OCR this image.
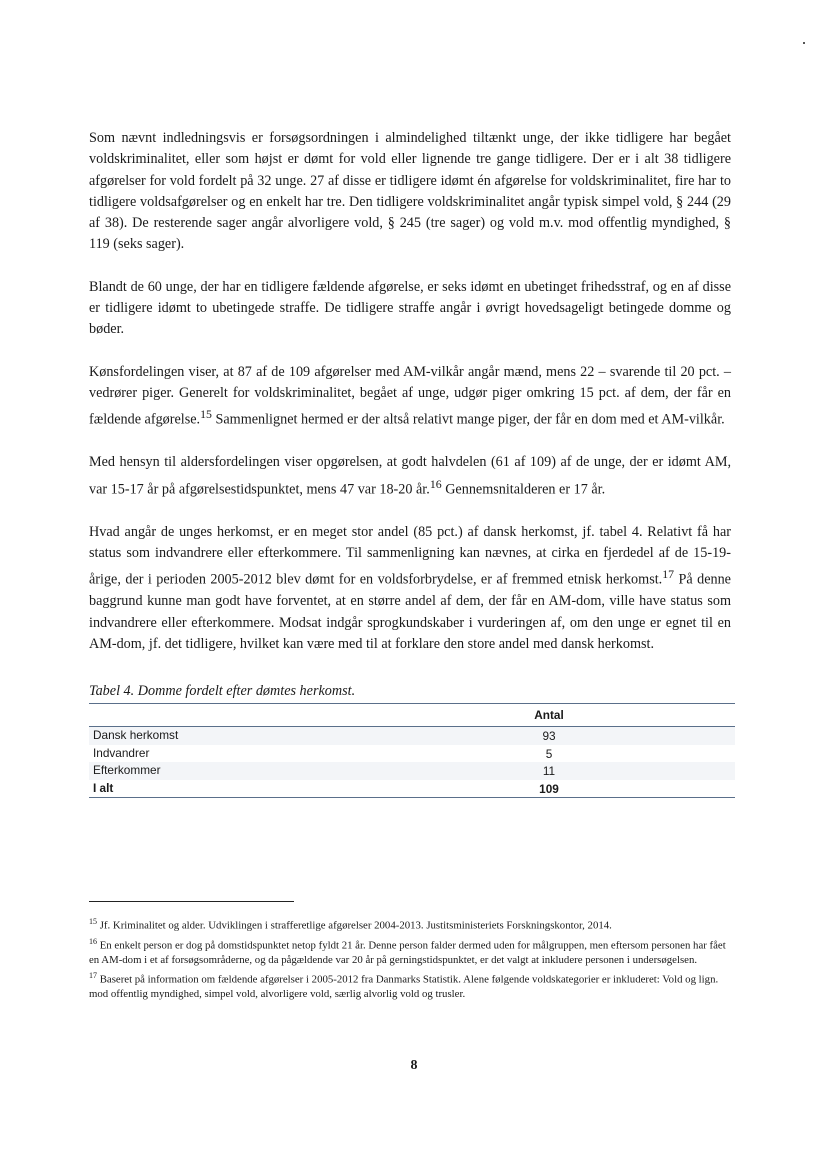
Som nævnt indledningsvis er forsøgsordningen i almindelighed tiltænkt unge, der ikke tidligere har begået voldskriminalitet, eller som højst er dømt for vold eller lignende tre gange tidligere. Der er i alt 38 tidligere afgørelser for vold fordelt på 32 unge. 27 af disse er tidligere idømt én afgørelse for voldskriminalitet, fire har to tidligere voldsafgørelser og en enkelt har tre. Den tidligere voldskriminalitet angår typisk simpel vold, § 244 (29 af 38). De resterende sager angår alvorligere vold, § 245 (tre sager) og vold m.v. mod offentlig myndighed, § 119 (seks sager).

Blandt de 60 unge, der har en tidligere fældende afgørelse, er seks idømt en ubetinget frihedsstraf, og en af disse er tidligere idømt to ubetingede straffe. De tidligere straffe angår i øvrigt hovedsageligt betingede domme og bøder.

Kønsfordelingen viser, at 87 af de 109 afgørelser med AM-vilkår angår mænd, mens 22 – svarende til 20 pct. – vedrører piger. Generelt for voldskriminalitet, begået af unge, udgør piger omkring 15 pct. af dem, der får en fældende afgørelse.$^{15}$ Sammenlignet hermed er der altså relativt mange piger, der får en dom med et AM-vilkår.

Med hensyn til aldersfordelingen viser opgørelsen, at godt halvdelen (61 af 109) af de unge, der er idømt AM, var 15-17 år på afgørelsestidspunktet, mens 47 var 18-20 år.$^{16}$ Gennemsnitalderen er 17 år.

Hvad angår de unges herkomst, er en meget stor andel (85 pct.) af dansk herkomst, jf. tabel 4. Relativt få har status som indvandrere eller efterkommere. Til sammenligning kan nævnes, at cirka en fjerdedel af de 15-19-årige, der i perioden 2005-2012 blev dømt for en voldsforbrydelse, er af fremmed etnisk herkomst.$^{17}$ På denne baggrund kunne man godt have forventet, at en større andel af dem, der får en AM-dom, ville have status som indvandrere eller efterkommere. Modsat indgår sprogkundskaber i vurderingen af, om den unge er egnet til en AM-dom, jf. det tidligere, hvilket kan være med til at forklare den store andel med dansk herkomst.

Tabel 4. Domme fordelt efter dømtes herkomst.
Antal
Dansk herkomst	93
Indvandrer	5
Efterkommer	11
I alt	109

$^{15}$ Jf. Kriminalitet og alder. Udviklingen i strafferetlige afgørelser 2004-2013. Justitsministeriets Forskningskontor, 2014.

$^{16}$ En enkelt person er dog på domstidspunktet netop fyldt 21 år. Denne person falder dermed uden for målgruppen, men eftersom personen har fået en AM-dom i et af forsøgsområderne, og da pågældende var 20 år på gerningstidspunktet, er det valgt at inkludere personen i undersøgelsen.

$^{17}$ Baseret på information om fældende afgørelser i 2005-2012 fra Danmarks Statistik. Alene følgende voldskategorier er inkluderet: Vold og lign. mod offentlig myndighed, simpel vold, alvorligere vold, særlig alvorlig vold og trusler.

8
